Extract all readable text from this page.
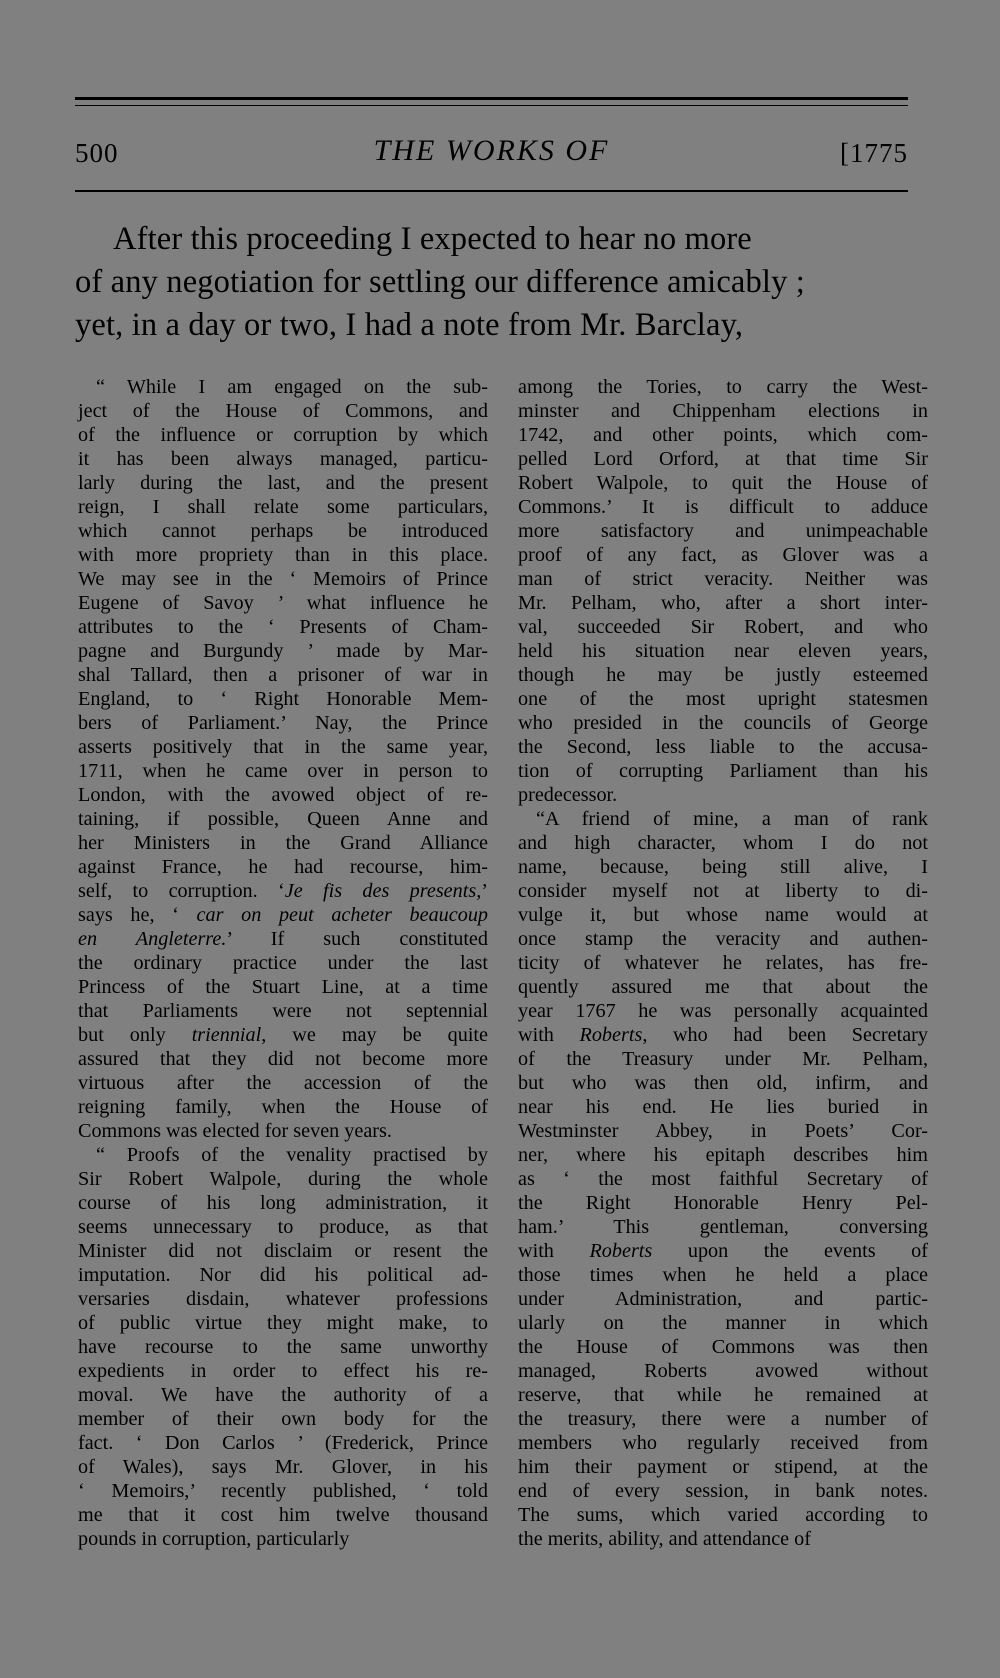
500	THE WORKS OF	[1775
After this proceeding I expected to hear no more
of any negotiation for settling our difference amicably ;
yet, in a day or two, I had a note from Mr. Barclay,
“ While I am engaged on the sub-
ject of the House of Commons, and
of the influence or corruption by which
it has been always managed, particu-
larly during the last, and the present
reign, I shall relate some particulars,
which cannot perhaps be introduced
with more propriety than in this place.
We may see in the ‘ Memoirs of Prince
Eugene of Savoy ’ what influence he
attributes to the ‘ Presents of Cham-
pagne and Burgundy ’ made by Mar-
shal Tallard, then a prisoner of war in
England, to ‘ Right Honorable Mem-
bers of Parliament.’ Nay, the Prince
asserts positively that in the same year,
1711, when he came over in person to
London, with the avowed object of re-
taining, if possible, Queen Anne and
her Ministers in the Grand Alliance
against France, he had recourse, him-
self, to corruption. ‘Je fis des presents,’
says he, ‘ car on peut acheter beaucoup
en Angleterre.’ If such constituted
the ordinary practice under the last
Princess of the Stuart Line, at a time
that Parliaments were not septennial
but only triennial, we may be quite
assured that they did not become more
virtuous after the accession of the
reigning family, when the House of
Commons was elected for seven years.
“ Proofs of the venality practised by
Sir Robert Walpole, during the whole
course of his long administration, it
seems unnecessary to produce, as that
Minister did not disclaim or resent the
imputation. Nor did his political ad-
versaries disdain, whatever professions
of public virtue they might make, to
have recourse to the same unworthy
expedients in order to effect his re-
moval. We have the authority of a
member of their own body for the
fact. ‘ Don Carlos ’ (Frederick, Prince
of Wales), says Mr. Glover, in his
‘ Memoirs,’ recently published, ‘ told
me that it cost him twelve thousand
pounds in corruption, particularly
among the Tories, to carry the West-
minster and Chippenham elections in
1742, and other points, which com-
pelled Lord Orford, at that time Sir
Robert Walpole, to quit the House of
Commons.’ It is difficult to adduce
more satisfactory and unimpeachable
proof of any fact, as Glover was a
man of strict veracity. Neither was
Mr. Pelham, who, after a short inter-
val, succeeded Sir Robert, and who
held his situation near eleven years,
though he may be justly esteemed
one of the most upright statesmen
who presided in the councils of George
the Second, less liable to the accusa-
tion of corrupting Parliament than his
predecessor.
“A friend of mine, a man of rank
and high character, whom I do not
name, because, being still alive, I
consider myself not at liberty to di-
vulge it, but whose name would at
once stamp the veracity and authen-
ticity of whatever he relates, has fre-
quently assured me that about the
year 1767 he was personally acquainted
with Roberts, who had been Secretary
of the Treasury under Mr. Pelham,
but who was then old, infirm, and
near his end. He lies buried in
Westminster Abbey, in Poets’ Cor-
ner, where his epitaph describes him
as ‘ the most faithful Secretary of
the Right Honorable Henry Pel-
ham.’ This gentleman, conversing
with Roberts upon the events of
those times when he held a place
under Administration, and partic-
ularly on the manner in which
the House of Commons was then
managed, Roberts avowed without
reserve, that while he remained at
the treasury, there were a number of
members who regularly received from
him their payment or stipend, at the
end of every session, in bank notes.
The sums, which varied according to
the merits, ability, and attendance of
